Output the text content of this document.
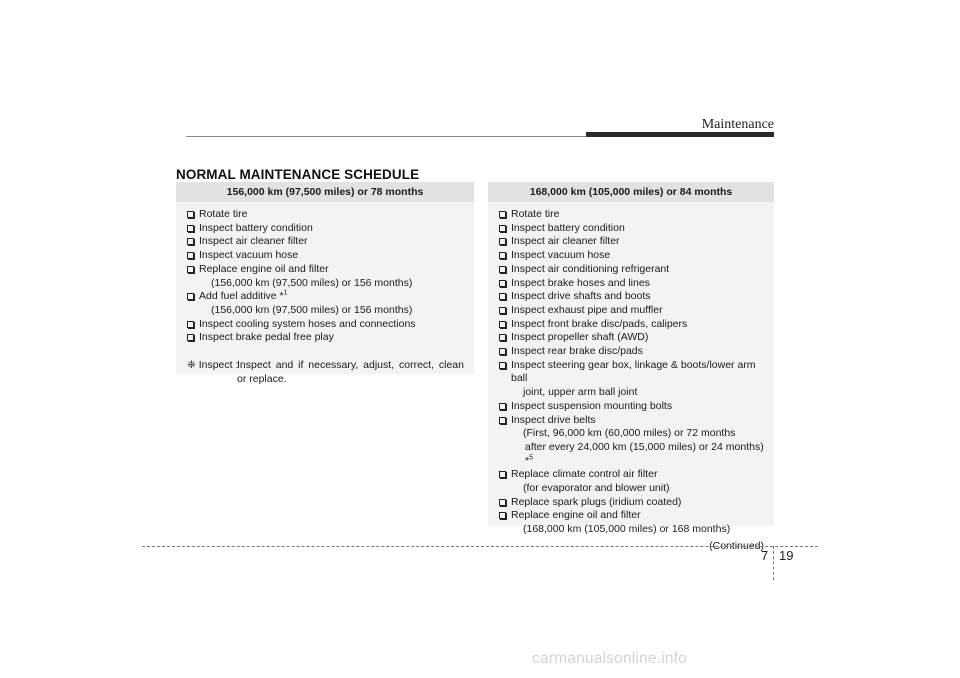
Maintenance
NORMAL MAINTENANCE SCHEDULE
156,000 km (97,500 miles) or 78 months
Rotate tire
Inspect battery condition
Inspect air cleaner filter
Inspect vacuum hose
Replace engine oil and filter
(156,000 km (97,500 miles) or 156 months)
Add fuel additive *$^1$
(156,000 km (97,500 miles) or 156 months)
Inspect cooling system hoses and connections
Inspect brake pedal free play
❈ Inspect :
Inspect and if necessary, adjust, correct, clean or replace.
168,000 km (105,000 miles) or 84 months
Rotate tire
Inspect battery condition
Inspect air cleaner filter
Inspect vacuum hose
Inspect air conditioning refrigerant
Inspect brake hoses and lines
Inspect drive shafts and boots
Inspect exhaust pipe and muffler
Inspect front brake disc/pads, calipers
Inspect propeller shaft (AWD)
Inspect rear brake disc/pads
Inspect steering gear box, linkage & boots/lower arm ball
joint, upper arm ball joint
Inspect suspension mounting bolts
Inspect drive belts
(First, 96,000 km (60,000 miles) or 72 months
after every 24,000 km (15,000 miles) or 24 months) *$^5$
Replace climate control air filter
(for evaporator and blower unit)
Replace spark plugs (iridium coated)
Replace engine oil and filter
(168,000 km (105,000 miles) or 168 months)
(Continued)
7 19
carmanualsonline.info
